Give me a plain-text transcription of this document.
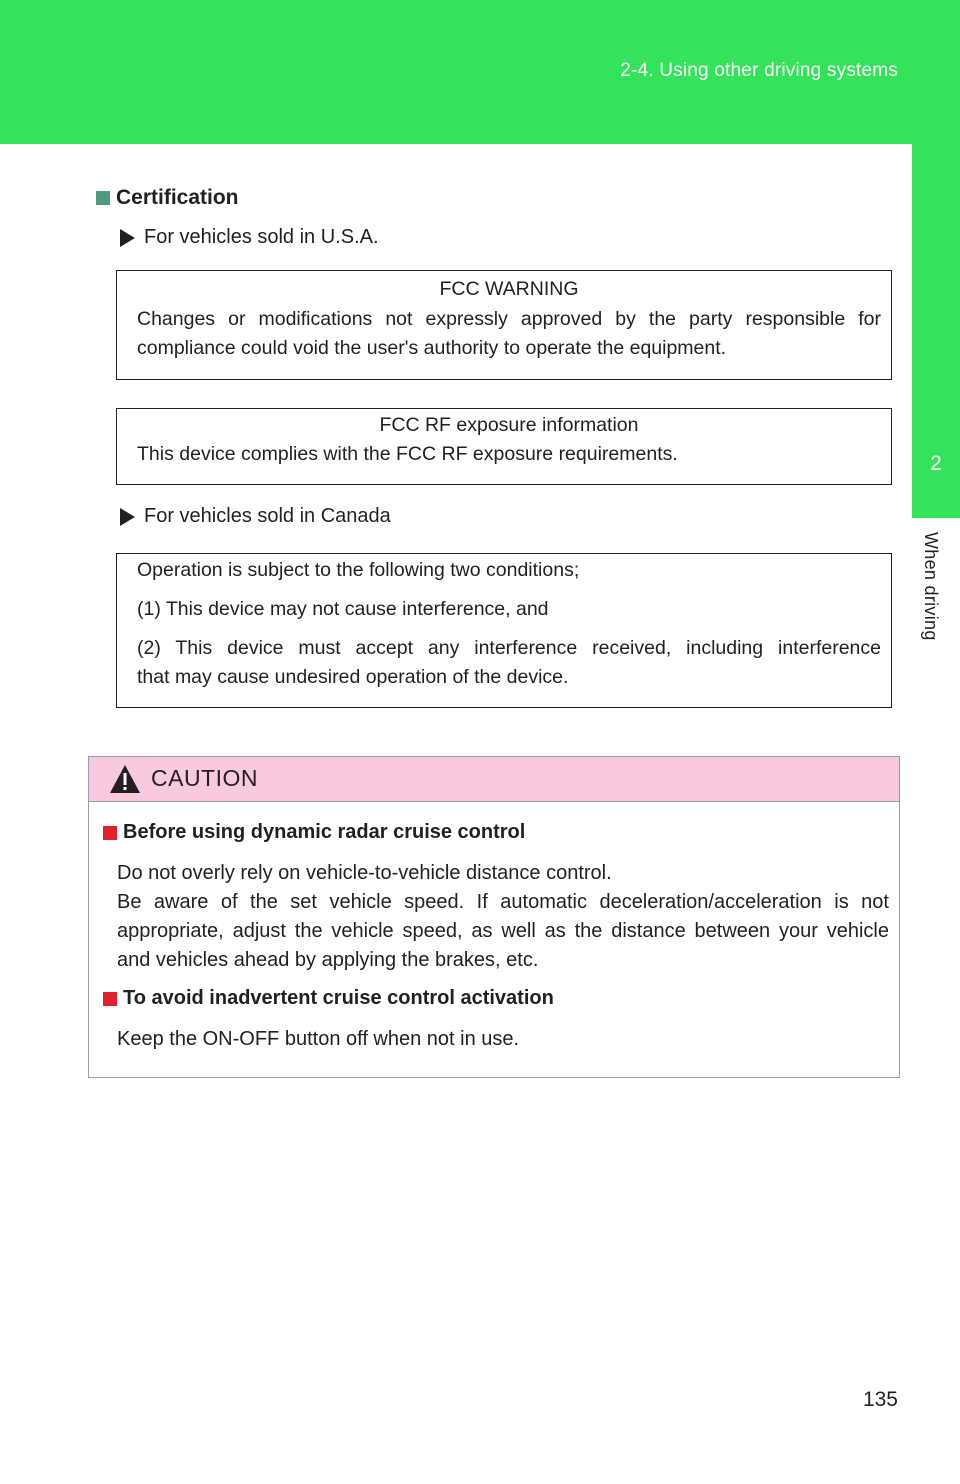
2-4. Using other driving systems
2
When driving
Certification
For vehicles sold in U.S.A.
FCC WARNING

Changes or modifications not expressly approved by the party responsible for

compliance could void the user's authority to operate the equipment.

FCC RF exposure information

This device complies with the FCC RF exposure requirements.

For vehicles sold in Canada

Operation is subject to the following two conditions;

(1) This device may not cause interference, and

(2) This device must accept any interference received, including interference

that may cause undesired operation of the device.

CAUTION
Before using dynamic radar cruise control
Do not overly rely on vehicle-to-vehicle distance control.
Be aware of the set vehicle speed. If automatic deceleration/acceleration is not
appropriate, adjust the vehicle speed, as well as the distance between your vehicle
and vehicles ahead by applying the brakes, etc.
To avoid inadvertent cruise control activation
Keep the ON-OFF button off when not in use.
135
